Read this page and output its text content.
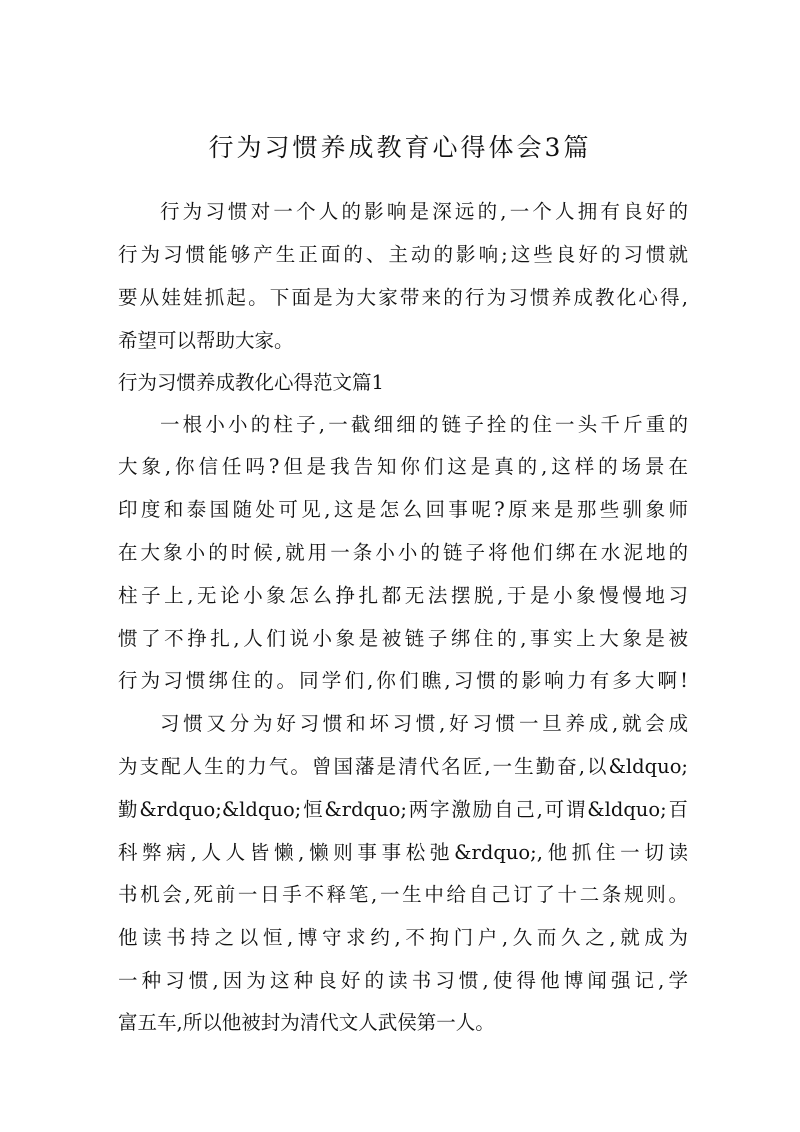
行为习惯养成教育心得体会3篇
行为习惯对一个人的影响是深远的,一个人拥有良好的
行为习惯能够产生正面的、主动的影响;这些良好的习惯就
要从娃娃抓起。下面是为大家带来的行为习惯养成教化心得,
希望可以帮助大家。
行为习惯养成教化心得范文篇1
一根小小的柱子,一截细细的链子拴的住一头千斤重的
大象,你信任吗?但是我告知你们这是真的,这样的场景在
印度和泰国随处可见,这是怎么回事呢?原来是那些驯象师
在大象小的时候,就用一条小小的链子将他们绑在水泥地的
柱子上,无论小象怎么挣扎都无法摆脱,于是小象慢慢地习
惯了不挣扎,人们说小象是被链子绑住的,事实上大象是被
行为习惯绑住的。同学们,你们瞧,习惯的影响力有多大啊!
习惯又分为好习惯和坏习惯,好习惯一旦养成,就会成
为支配人生的力气。曾国藩是清代名匠,一生勤奋,以&ldquo;
勤&rdquo;&ldquo;恒&rdquo;两字激励自己,可谓&ldquo;百
科弊病,人人皆懒,懒则事事松弛&rdquo;,他抓住一切读
书机会,死前一日手不释笔,一生中给自己订了十二条规则。
他读书持之以恒,博守求约,不拘门户,久而久之,就成为
一种习惯,因为这种良好的读书习惯,使得他博闻强记,学
富五车,所以他被封为清代文人武侯第一人。
